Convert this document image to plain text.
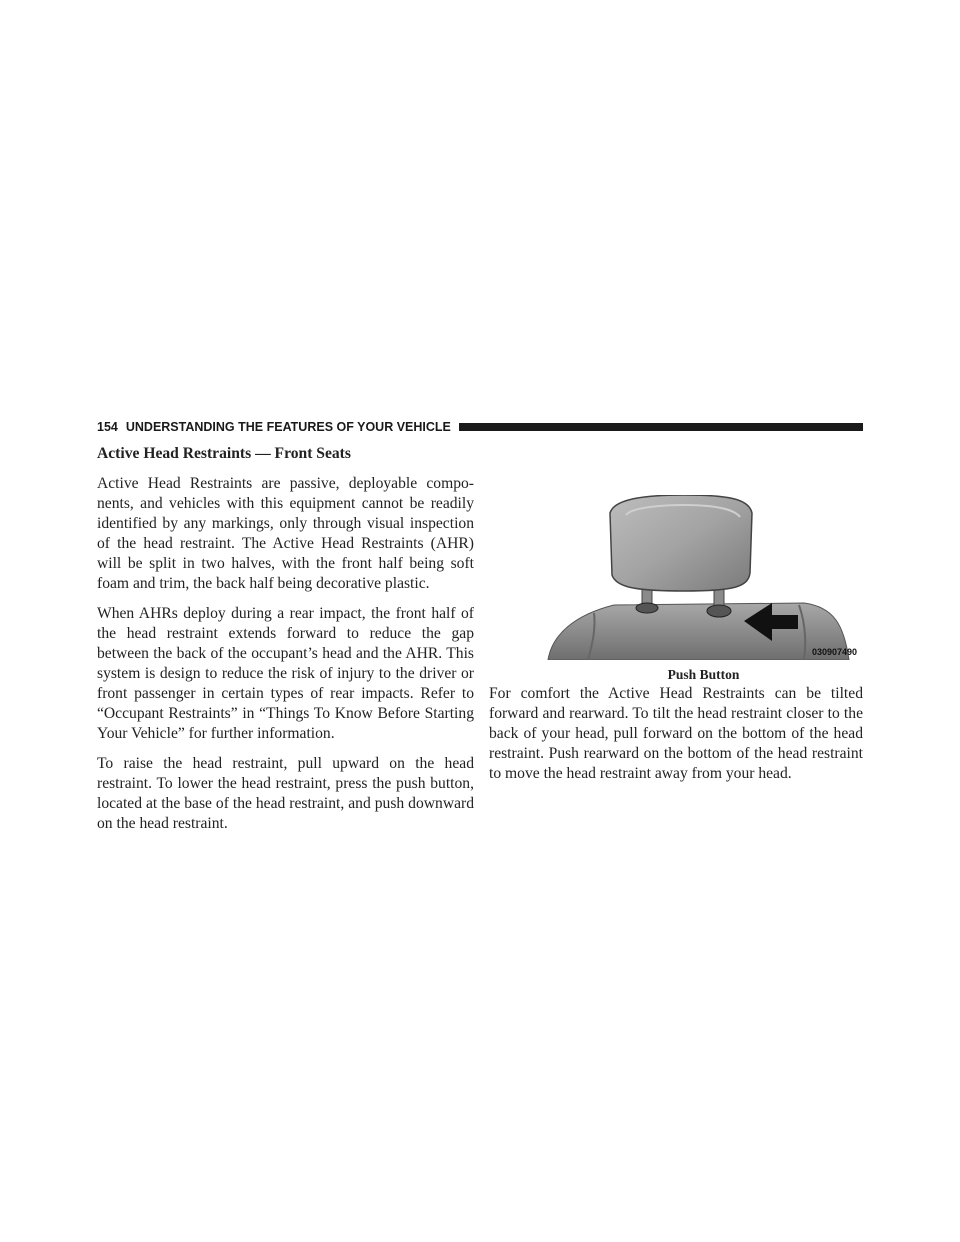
154 UNDERSTANDING THE FEATURES OF YOUR VEHICLE
Active Head Restraints — Front Seats

Active Head Restraints are passive, deployable compo-nents, and vehicles with this equipment cannot be readily identified by any markings, only through visual inspection of the head restraint. The Active Head Restraints (AHR) will be split in two halves, with the front half being soft foam and trim, the back half being decorative plastic.

When AHRs deploy during a rear impact, the front half of the head restraint extends forward to reduce the gap between the back of the occupant’s head and the AHR. This system is design to reduce the risk of injury to the driver or front passenger in certain types of rear impacts. Refer to “Occupant Restraints” in “Things To Know Before Starting Your Vehicle” for further information.

To raise the head restraint, pull upward on the head restraint. To lower the head restraint, press the push button, located at the base of the head restraint, and push downward on the head restraint.

030907490
Push Button

For comfort the Active Head Restraints can be tilted forward and rearward. To tilt the head restraint closer to the back of your head, pull forward on the bottom of the head restraint. Push rearward on the bottom of the head restraint to move the head restraint away from your head.
